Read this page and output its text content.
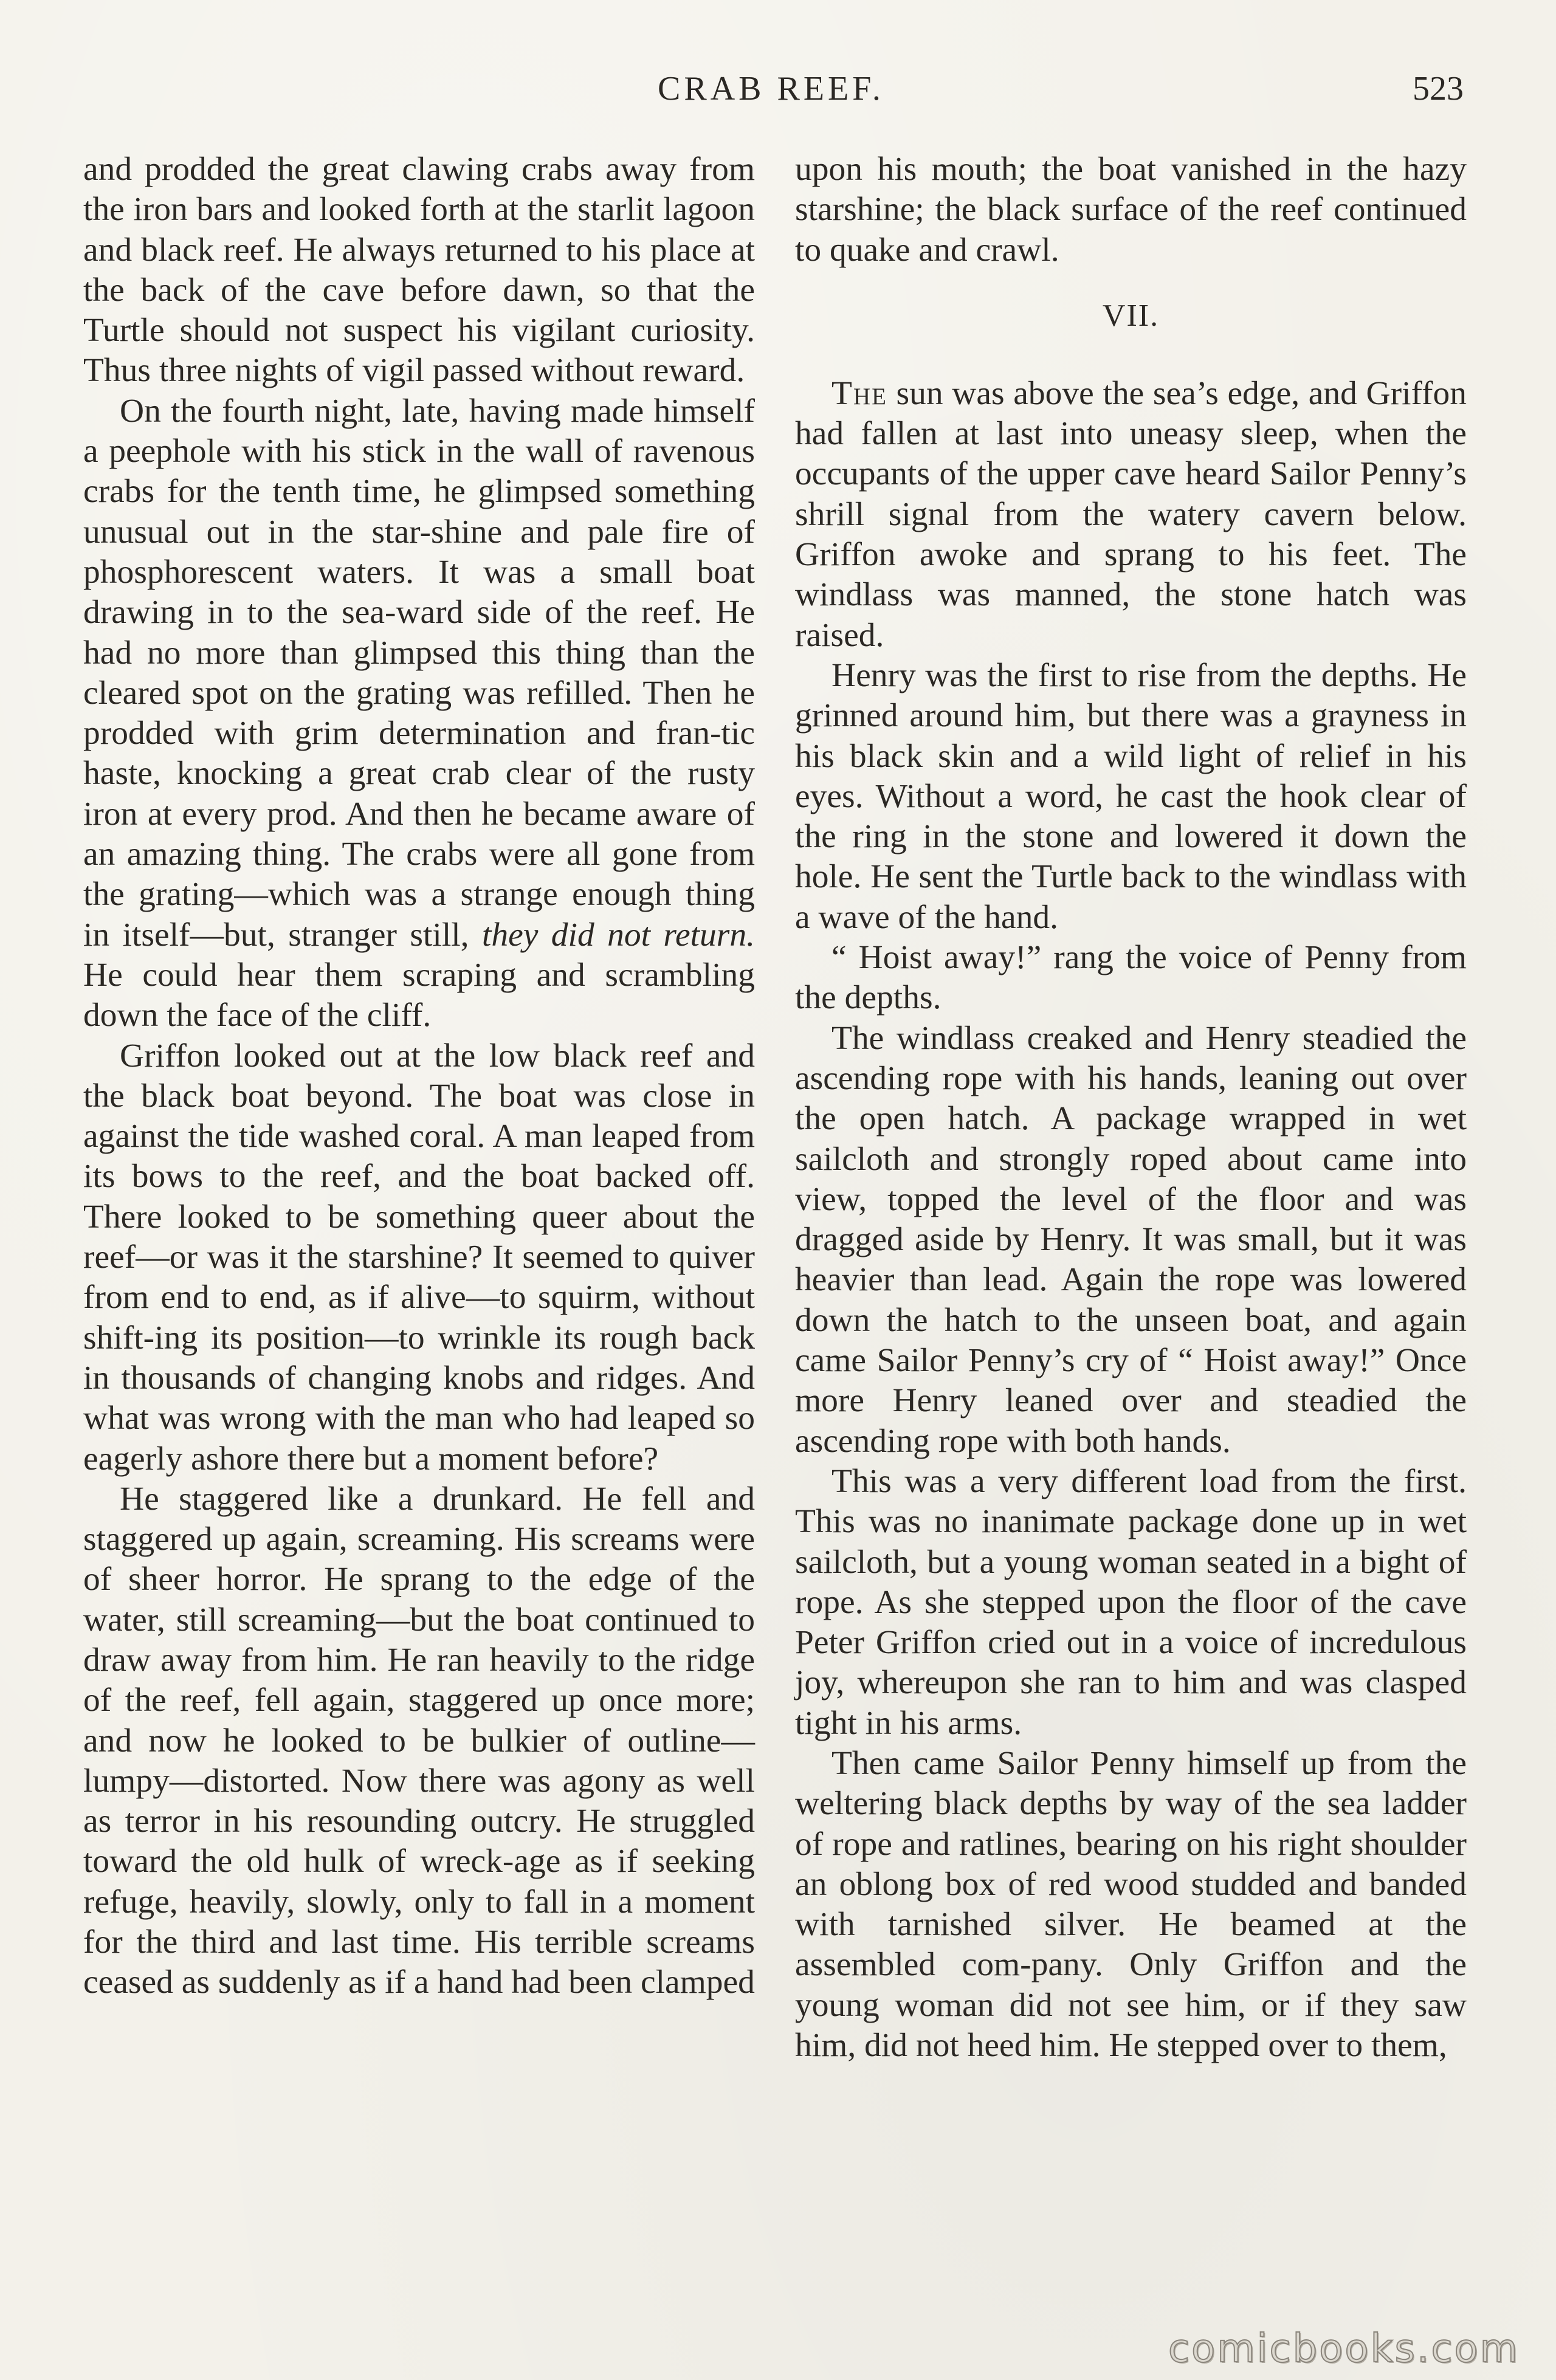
CRAB REEF.	523

and prodded the great clawing crabs away from the iron bars and looked forth at the starlit lagoon and black reef. He always returned to his place at the back of the cave before dawn, so that the Turtle should not suspect his vigilant curiosity. Thus three nights of vigil passed without reward.

On the fourth night, late, having made himself a peephole with his stick in the wall of ravenous crabs for the tenth time, he glimpsed something unusual out in the star-shine and pale fire of phosphorescent waters. It was a small boat drawing in to the sea-ward side of the reef. He had no more than glimpsed this thing than the cleared spot on the grating was refilled. Then he prodded with grim determination and fran-tic haste, knocking a great crab clear of the rusty iron at every prod. And then he became aware of an amazing thing. The crabs were all gone from the grating—which was a strange enough thing in itself—but, stranger still, they did not return. He could hear them scraping and scrambling down the face of the cliff.

Griffon looked out at the low black reef and the black boat beyond. The boat was close in against the tide washed coral. A man leaped from its bows to the reef, and the boat backed off. There looked to be something queer about the reef—or was it the starshine? It seemed to quiver from end to end, as if alive—to squirm, without shift-ing its position—to wrinkle its rough back in thousands of changing knobs and ridges. And what was wrong with the man who had leaped so eagerly ashore there but a moment before?

He staggered like a drunkard. He fell and staggered up again, screaming. His screams were of sheer horror. He sprang to the edge of the water, still screaming—but the boat continued to draw away from him. He ran heavily to the ridge of the reef, fell again, staggered up once more; and now he looked to be bulkier of outline—lumpy—distorted. Now there was agony as well as terror in his resounding outcry. He struggled toward the old hulk of wreck-age as if seeking refuge, heavily, slowly, only to fall in a moment for the third and last time. His terrible screams ceased as suddenly as if a hand had been clamped

upon his mouth; the boat vanished in the hazy starshine; the black surface of the reef continued to quake and crawl.

VII.

The sun was above the sea’s edge, and Griffon had fallen at last into uneasy sleep, when the occupants of the upper cave heard Sailor Penny’s shrill signal from the watery cavern below. Griffon awoke and sprang to his feet. The windlass was manned, the stone hatch was raised.

Henry was the first to rise from the depths. He grinned around him, but there was a grayness in his black skin and a wild light of relief in his eyes. Without a word, he cast the hook clear of the ring in the stone and lowered it down the hole. He sent the Turtle back to the windlass with a wave of the hand.

“ Hoist away!” rang the voice of Penny from the depths.

The windlass creaked and Henry steadied the ascending rope with his hands, leaning out over the open hatch. A package wrapped in wet sailcloth and strongly roped about came into view, topped the level of the floor and was dragged aside by Henry. It was small, but it was heavier than lead. Again the rope was lowered down the hatch to the unseen boat, and again came Sailor Penny’s cry of “ Hoist away!” Once more Henry leaned over and steadied the ascending rope with both hands.

This was a very different load from the first. This was no inanimate package done up in wet sailcloth, but a young woman seated in a bight of rope. As she stepped upon the floor of the cave Peter Griffon cried out in a voice of incredulous joy, whereupon she ran to him and was clasped tight in his arms.

Then came Sailor Penny himself up from the weltering black depths by way of the sea ladder of rope and ratlines, bearing on his right shoulder an oblong box of red wood studded and banded with tarnished silver. He beamed at the assembled com-pany. Only Griffon and the young woman did not see him, or if they saw him, did not heed him. He stepped over to them,

comicbooks.com
